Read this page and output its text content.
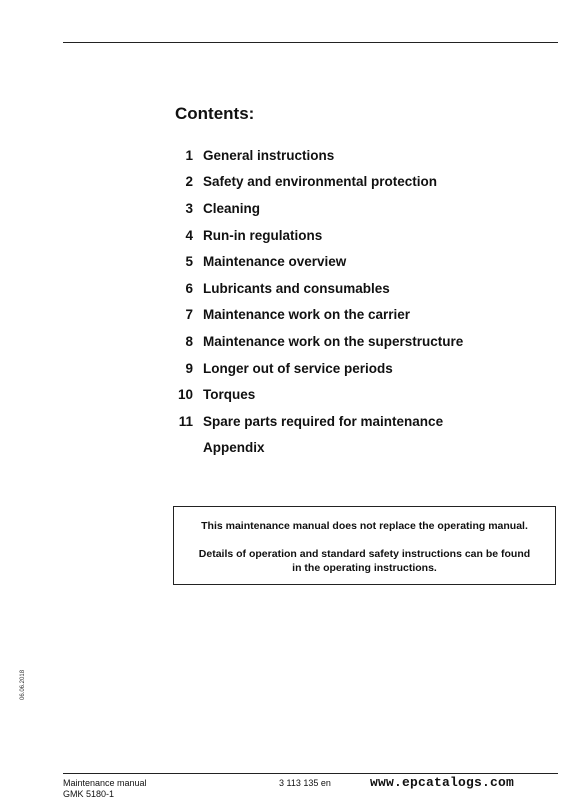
Contents:
1 General instructions
2 Safety and environmental protection
3 Cleaning
4 Run-in regulations
5 Maintenance overview
6 Lubricants and consumables
7 Maintenance work on the carrier
8 Maintenance work on the superstructure
9 Longer out of service periods
10 Torques
11 Spare parts required for maintenance
Appendix
This maintenance manual does not replace the operating manual.
Details of operation and standard safety instructions can be found
in the operating instructions.
06.06.2018
Maintenance manual
GMK 5180-1
3 113 135 en	www.epcatalogs.com
